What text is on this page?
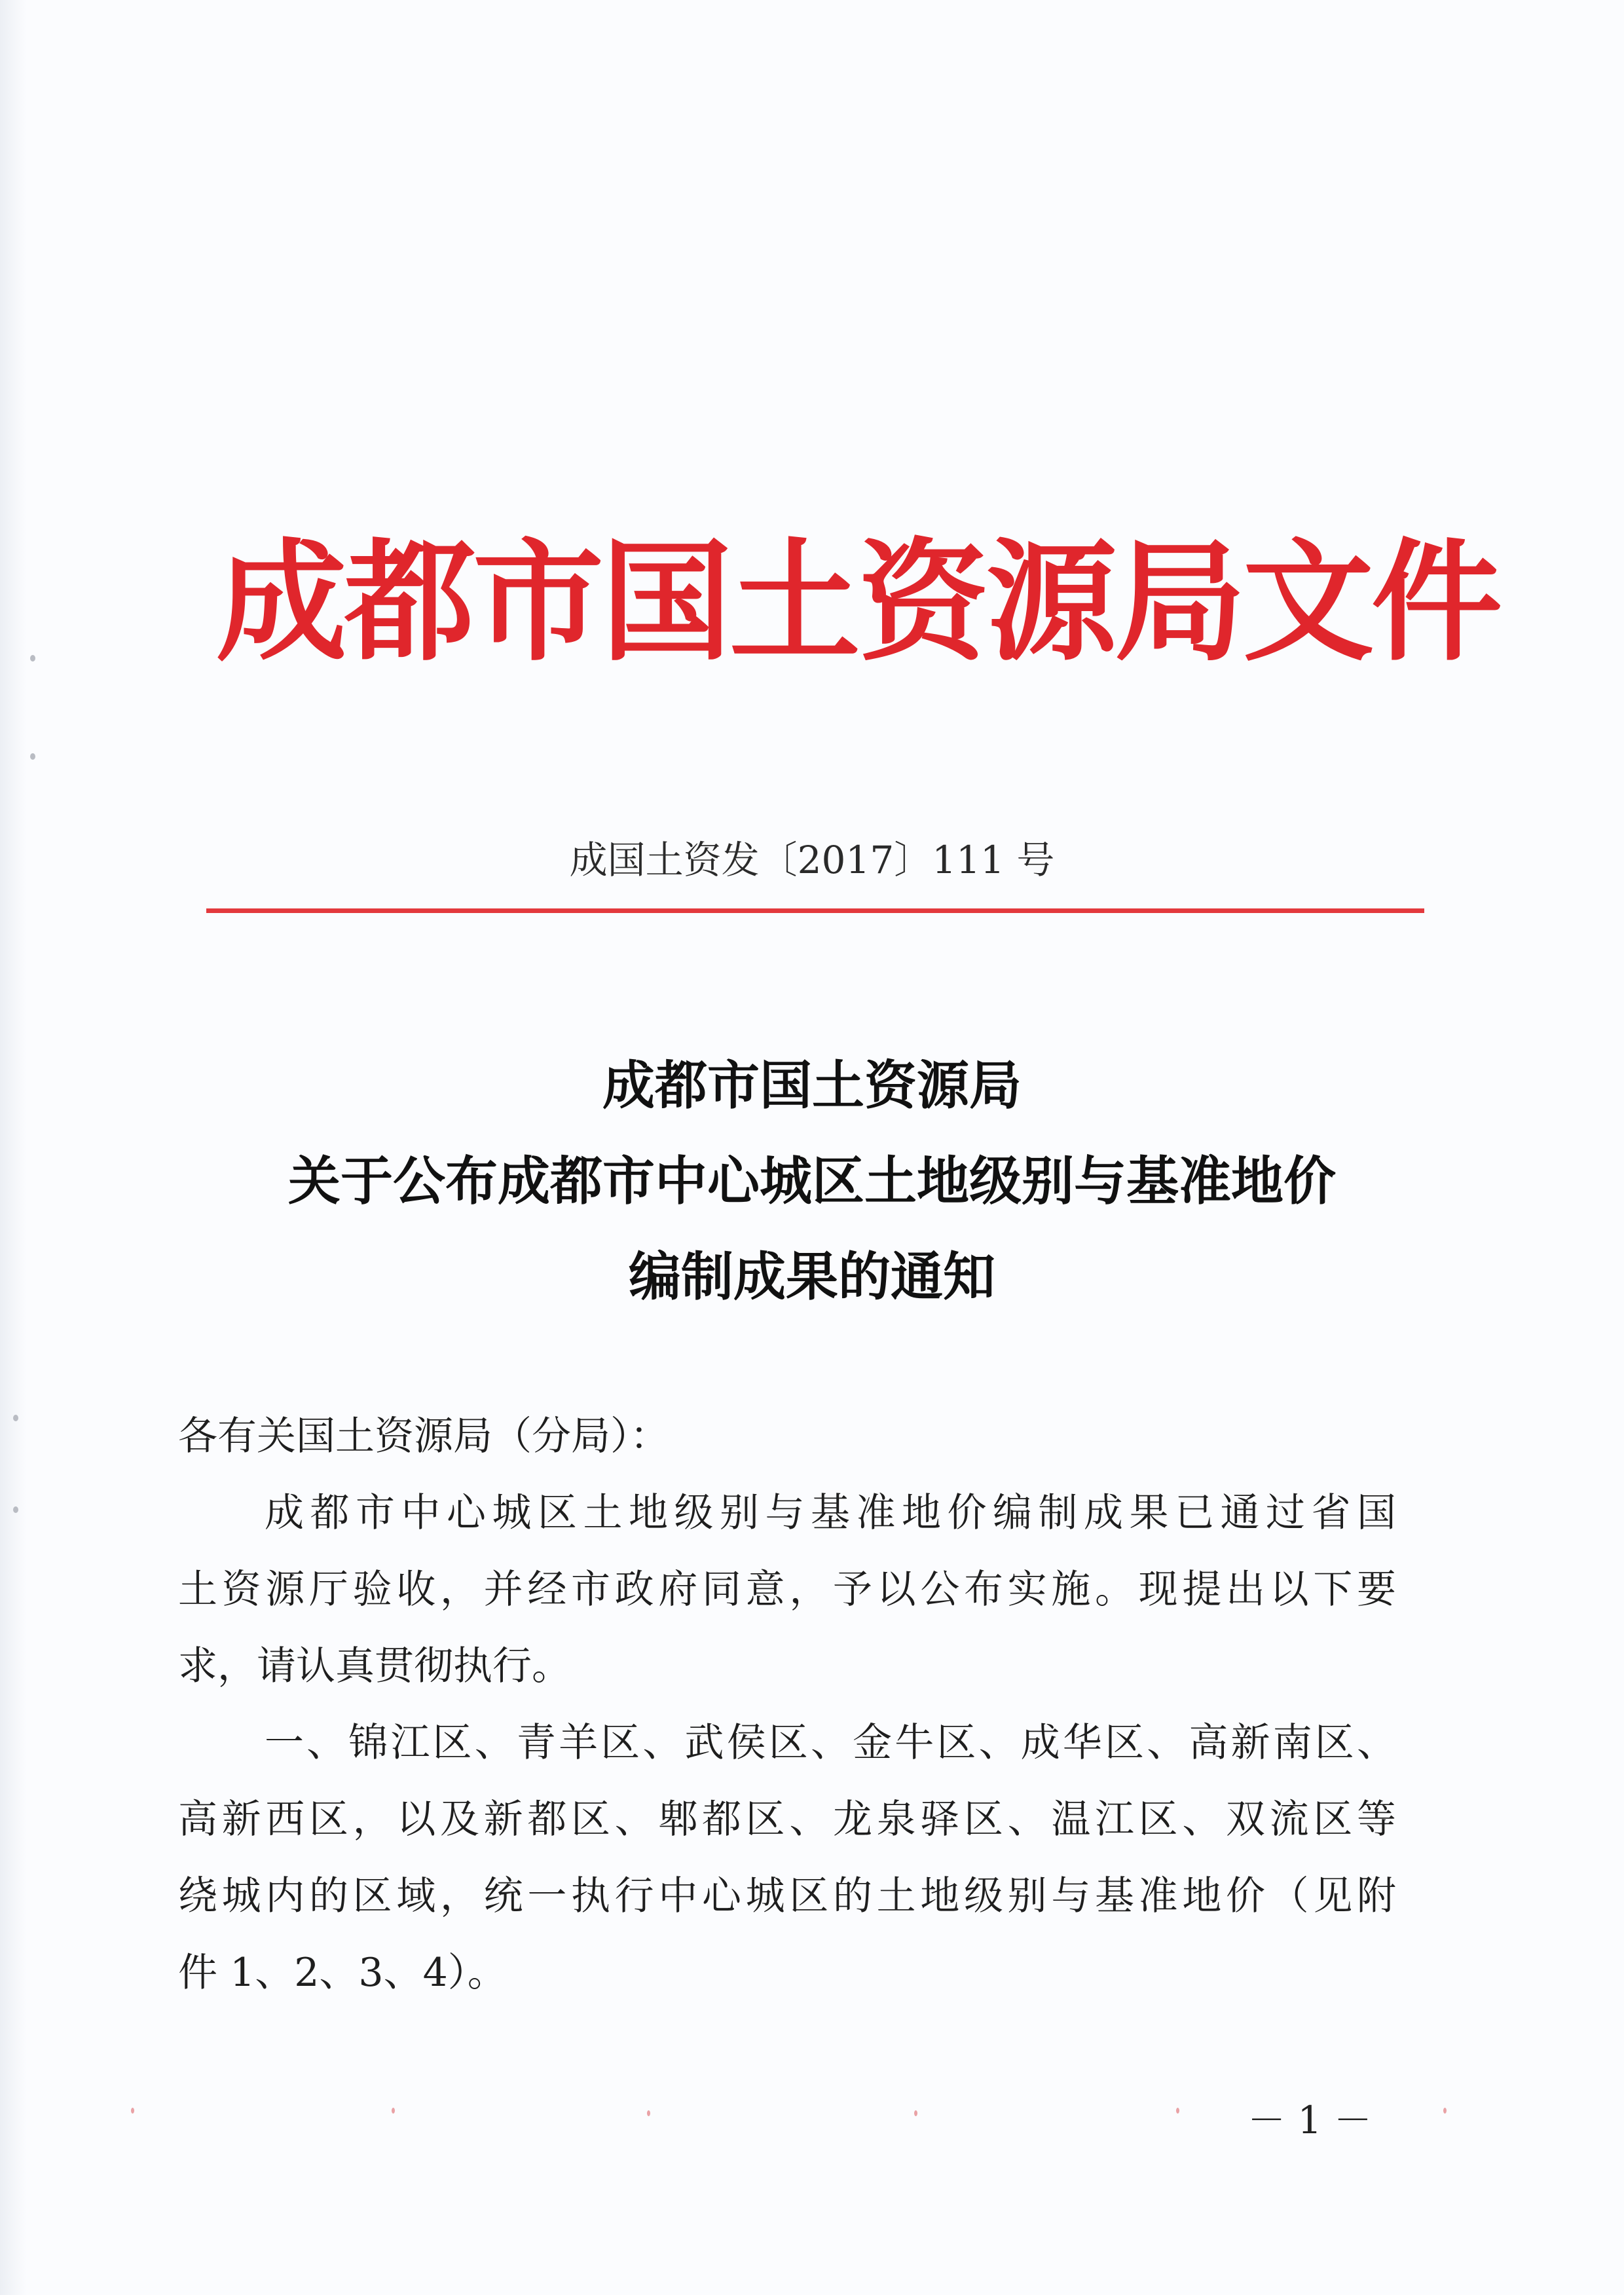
成都市国土资源局文件
成国土资发〔2017〕111 号
成都市国土资源局
关于公布成都市中心城区土地级别与基准地价
编制成果的通知
各有关国土资源局（分局）：
成都市中心城区土地级别与基准地价编制成果已通过省国
土资源厅验收，并经市政府同意，予以公布实施。现提出以下要
求，请认真贯彻执行。
一、锦江区、青羊区、武侯区、金牛区、成华区、高新南区、
高新西区，以及新都区、郫都区、龙泉驿区、温江区、双流区等
绕城内的区域，统一执行中心城区的土地级别与基准地价（见附
件 1、2、3、4）。
－ 1 －
